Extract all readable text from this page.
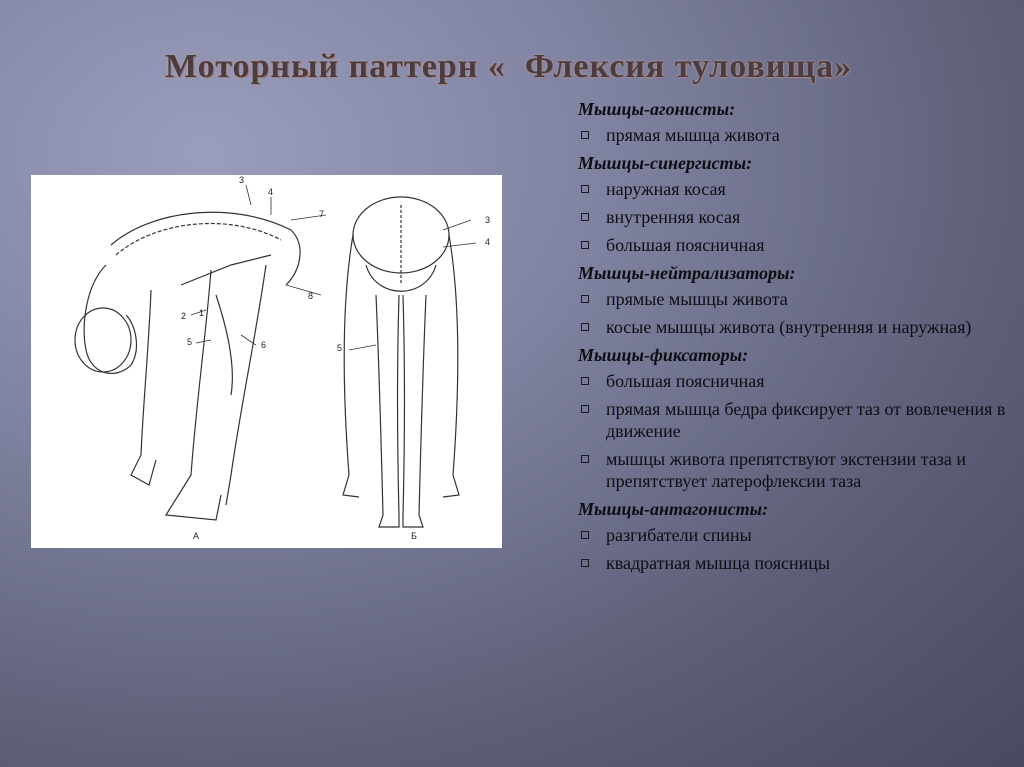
Моторный паттерн «  Флексия туловища»
3
4
7
8
2 1
5	6
3
4
5
А	Б
Мышцы-агонисты:
прямая мышца живота
Мышцы-синергисты:
наружная косая
внутренняя косая
большая поясничная
Мышцы-нейтрализаторы:
прямые мышцы живота
косые мышцы живота (внутренняя и наружная)
Мышцы-фиксаторы:
большая поясничная
прямая мышца бедра фиксирует таз от вовлечения в движение
мышцы живота препятствуют экстензии таза и препятствует латерофлексии таза
Мышцы-антагонисты:
разгибатели спины
квадратная мышца поясницы
